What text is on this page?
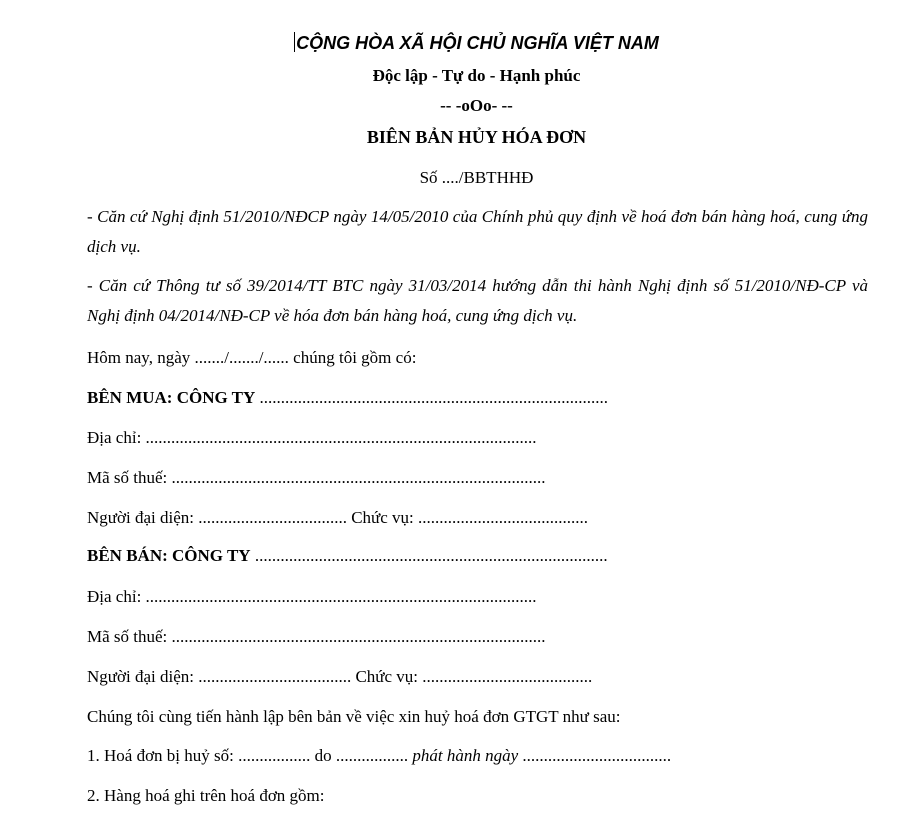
CỘNG HÒA XÃ HỘI CHỦ NGHĨA VIỆT NAM
Độc lập - Tự do - Hạnh phúc
-- -oOo- --
BIÊN BẢN HỦY HÓA ĐƠN
Số ..../BBTHHĐ
- Căn cứ Nghị định 51/2010/NĐCP ngày 14/05/2010 của Chính phủ quy định về hoá đơn bán hàng hoá, cung ứng dịch vụ.
- Căn cứ Thông tư số 39/2014/TT BTC ngày 31/03/2014 hướng dẫn thi hành Nghị định số 51/2010/NĐ-CP và Nghị định 04/2014/NĐ-CP về hóa đơn bán hàng hoá, cung ứng dịch vụ.
Hôm nay, ngày ......./......./...... chúng tôi gồm có:
BÊN MUA: CÔNG TY ..................................................................................
Địa chỉ: ............................................................................................
Mã số thuế: ........................................................................................
Người đại diện: ................................... Chức vụ: ........................................
BÊN BÁN: CÔNG TY ...................................................................................
Địa chỉ: ............................................................................................
Mã số thuế: ........................................................................................
Người đại diện: .................................... Chức vụ: ........................................
Chúng tôi cùng tiến hành lập bên bản về việc xin huỷ hoá đơn GTGT như sau:
1. Hoá đơn bị huỷ số: ................. do ................. phát hành ngày ...................................
2. Hàng hoá ghi trên hoá đơn gồm:
